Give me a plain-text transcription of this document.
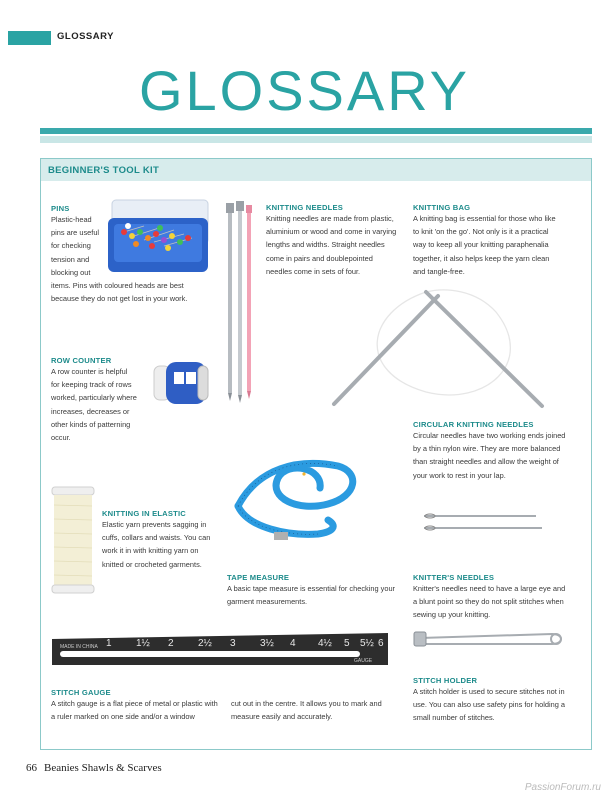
GLOSSARY
GLOSSARY
BEGINNER'S TOOL KIT
PINS
Plastic-head
pins are useful
for checking
tension and
blocking out
items. Pins with coloured heads are best
because they do not get lost in your work.
KNITTING NEEDLES
Knitting needles are made from plastic,
aluminium or wood and come in varying
lengths and widths. Straight needles
come in pairs and doublepointed
needles come in sets of four.
KNITTING BAG
A knitting bag is essential for those who like
to knit 'on the go'. Not only is it a practical
way to keep all your knitting paraphenalia
together, it also helps keep the yarn clean
and tangle-free.
ROW COUNTER
A row counter is helpful
for keeping track of rows
worked, particularly where
increases, decreases or
other kinds of patterning
occur.
CIRCULAR KNITTING NEEDLES
Circular needles have two working ends joined
by a thin nylon wire. They are more balanced
than straight needles and allow the weight of
your work to rest in your lap.
KNITTING IN ELASTIC
Elastic yarn prevents sagging in
cuffs, collars and waists. You can
work it in with knitting yarn on
knitted or crocheted garments.
TAPE MEASURE
A basic tape measure is essential for checking your
garment measurements.
KNITTER'S NEEDLES
Knitter's needles need to have a large eye and
a blunt point so they do not split stitches when
sewing up your knitting.
1 1½ 2 2½ 3 3½ 4 4½ 5 5½ 6
MADE IN CHINA
GAUGE
STITCH HOLDER
A stitch holder is used to secure stitches not in
use. You can also use safety pins for holding a
small number of stitches.
STITCH GAUGE
A stitch gauge is a flat piece of metal or plastic with
a ruler marked on one side and/or a window
cut out in the centre. It allows you to mark and
measure easily and accurately.
66 Beanies Shawls & Scarves
PassionForum.ru
